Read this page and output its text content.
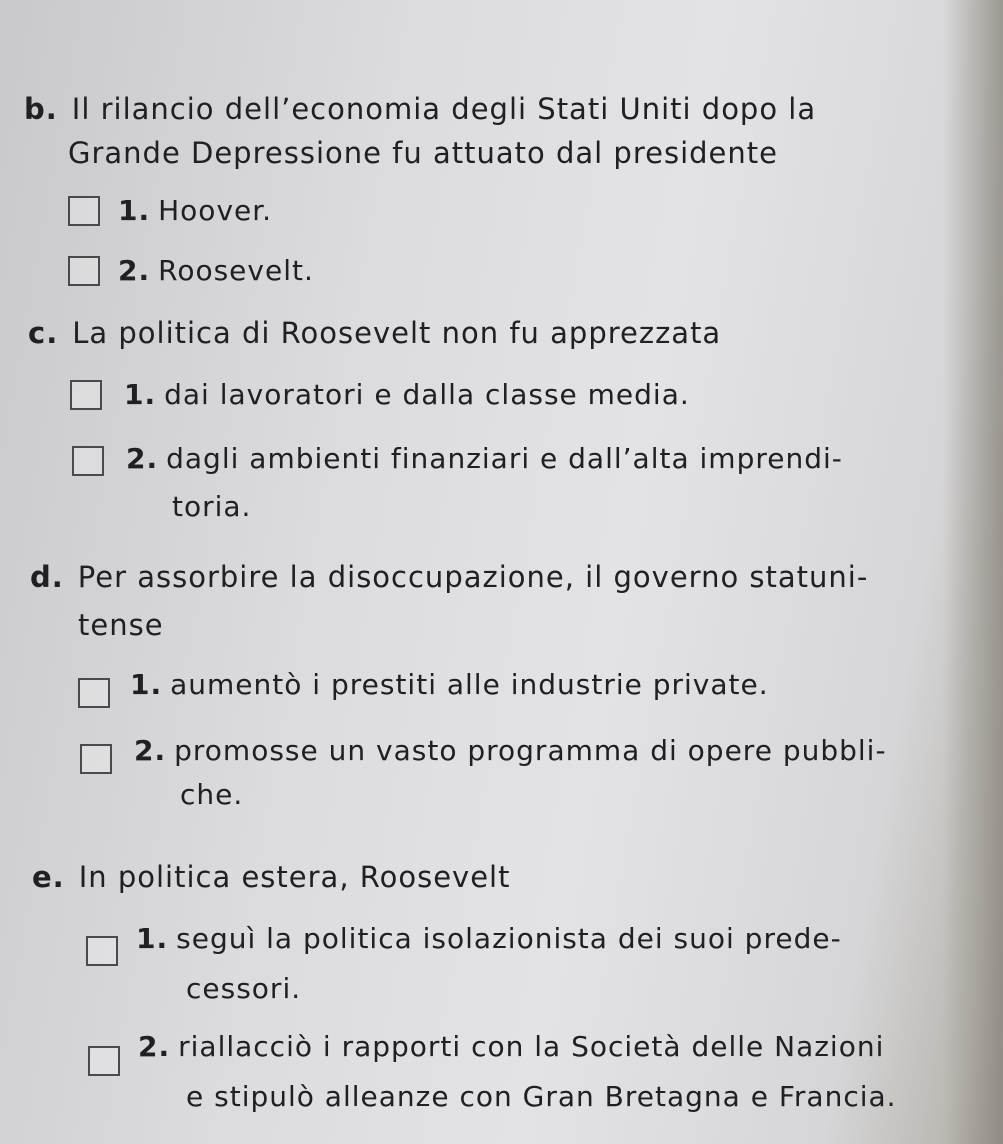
b. Il rilancio dell’economia degli Stati Uniti dopo la
Grande Depressione fu attuato dal presidente
1. Hoover.
2. Roosevelt.
c. La politica di Roosevelt non fu apprezzata
1. dai lavoratori e dalla classe media.
2. dagli ambienti finanziari e dall’alta imprendi-
toria.
d. Per assorbire la disoccupazione, il governo statuni-
tense
1. aumentò i prestiti alle industrie private.
2. promosse un vasto programma di opere pubbli-
che.
e. In politica estera, Roosevelt
1. seguì la politica isolazionista dei suoi prede-
cessori.
2. riallacciò i rapporti con la Società delle Nazioni
e stipulò alleanze con Gran Bretagna e Francia.
